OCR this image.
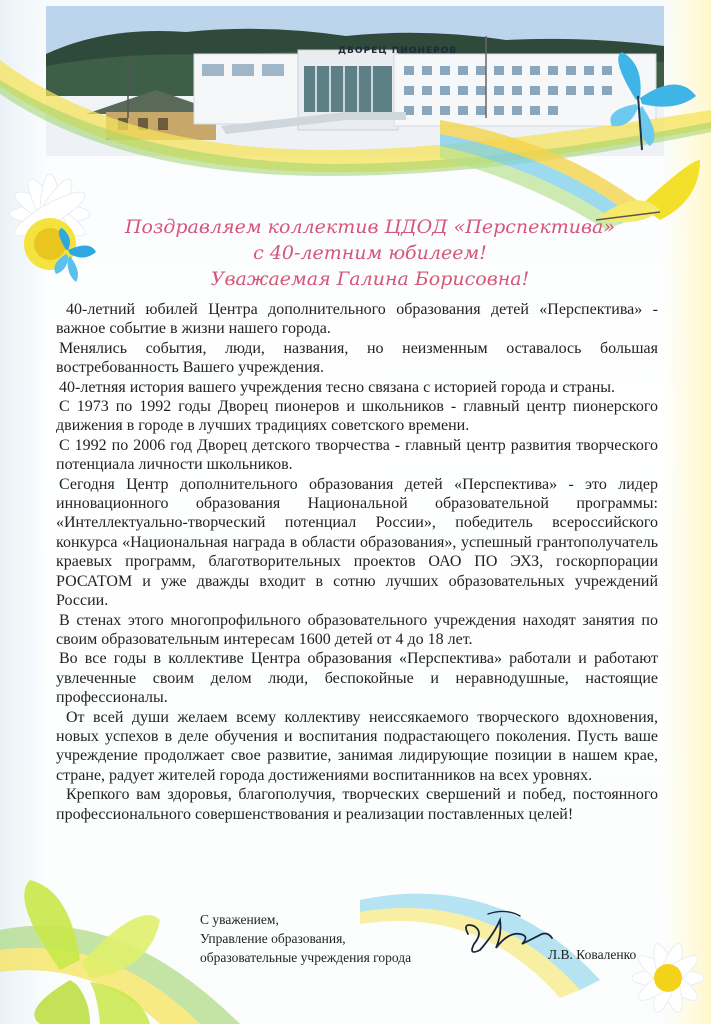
ДВОРЕЦ ПИОНЕРОВ
Поздравляем коллектив ЦДОД «Перспектива»
с 40-летним юбилеем!
Уважаемая Галина Борисовна!

40-летний юбилей Центра дополнительного образования детей «Перспектива» - важное событие в жизни нашего города.

Менялись события, люди, названия, но неизменным оставалось большая востребованность Вашего учреждения.

40-летняя история вашего учреждения тесно связана с историей города и страны.

С 1973 по 1992 годы Дворец пионеров и школьников - главный центр пионерского движения в городе в лучших традициях советского времени.

С 1992 по 2006 год Дворец детского творчества - главный центр развития творческого потенциала личности школьников.

Сегодня Центр дополнительного образования детей «Перспектива» - это лидер инновационного образования Национальной образовательной программы: «Интеллектуально-творческий потенциал России», победитель всероссийского конкурса «Национальная награда в области образования», успешный грантополучатель краевых программ, благотворительных проектов ОАО ПО ЭХЗ, госкорпорации РОСАТОМ и уже дважды входит в сотню лучших образовательных учреждений России.

В стенах этого многопрофильного образовательного учреждения находят занятия по своим образовательным интересам 1600 детей от 4 до 18 лет.

Во все годы в коллективе Центра образования «Перспектива» работали и работают увлеченные своим делом люди, беспокойные и неравнодушные, настоящие профессионалы.

От всей души желаем всему коллективу неиссякаемого творческого вдохновения, новых успехов в деле обучения и воспитания подрастающего поколения. Пусть ваше учреждение продолжает свое развитие, занимая лидирующие позиции в нашем крае, стране, радует жителей города достижениями воспитанников на всех уровнях.

Крепкого вам здоровья, благополучия, творческих свершений и побед, постоянного профессионального совершенствования и реализации поставленных целей!

С уважением,
Управление образования,
образовательные учреждения города	Л.В. Коваленко
